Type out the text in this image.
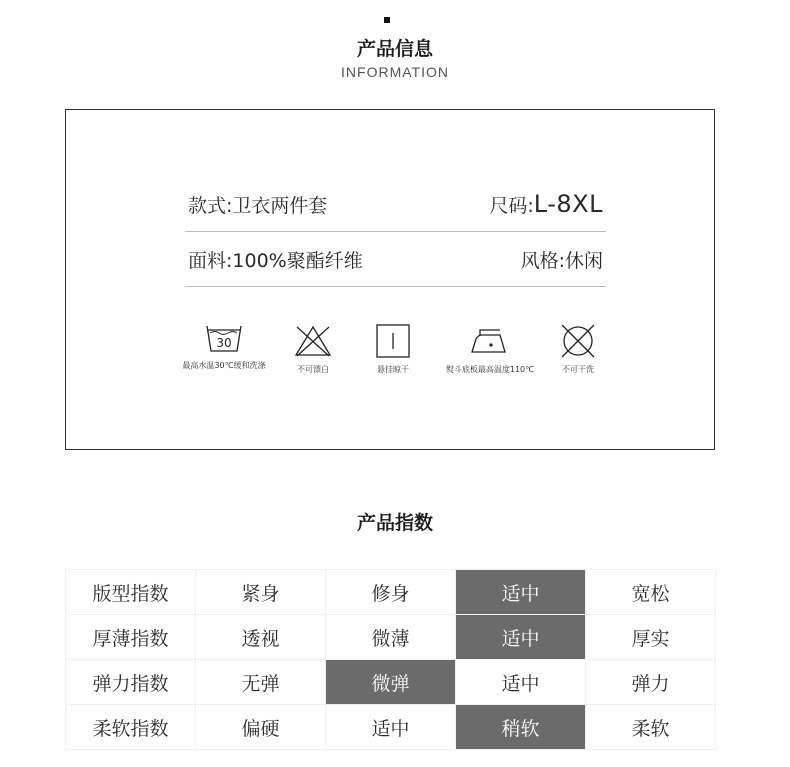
产品信息
INFORMATION
款式:卫衣两件套	尺码:L-8XL
面料:100%聚酯纤维	风格:休闲
30
最高水温30℃缓和洗涤	不可漂白	悬挂晾干	熨斗底板最高温度110℃	不可干洗
产品指数
版型指数	紧身	修身	适中	宽松
厚薄指数	透视	微薄	适中	厚实
弹力指数	无弹	微弹	适中	弹力
柔软指数	偏硬	适中	稍软	柔软
